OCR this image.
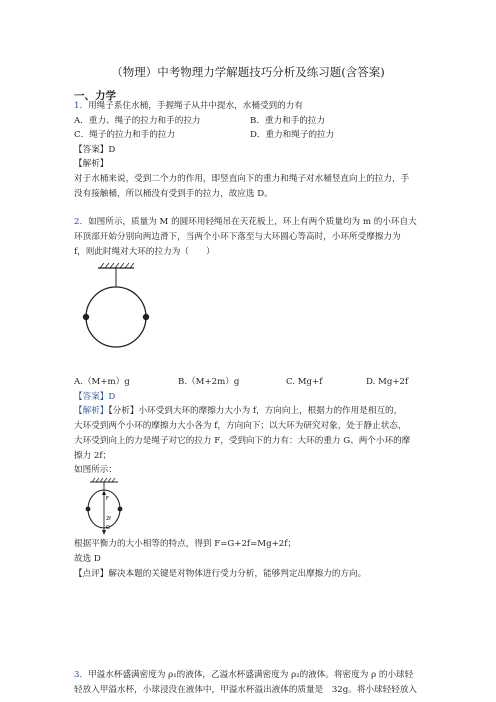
（物理）中考物理力学解题技巧分析及练习题(含答案)
一、力学
1．用绳子系住水桶，手握绳子从井中提水，水桶受到的力有
A．重力、绳子的拉力和手的拉力	B．重力和手的拉力
C．绳子的拉力和手的拉力	D．重力和绳子的拉力
【答案】D
【解析】
对于水桶来说，受到二个力的作用，即竖直向下的重力和绳子对水桶竖直向上的拉力，手
没有接触桶，所以桶没有受到手的拉力，故应选 D。
2．如图所示，质量为 M 的圆环用轻绳吊在天花板上，环上有两个质量均为 m 的小环自大
环顶部开始分别向两边滑下，当两个小环下落至与大环圆心等高时，小环所受摩擦力为
f，则此时绳对大环的拉力为（　　）
A.（M+m）g	B.（M+2m）g	C. Mg+f	D. Mg+2f
【答案】D
【解析】【分析】小环受到大环的摩擦力大小为 f，方向向上，根据力的作用是相互的，
大环受到两个小环的摩擦力大小各为 f，方向向下；以大环为研究对象，处于静止状态，
大环受到向上的力是绳子对它的拉力 F，受到向下的力有：大环的重力 G、两个小环的摩
擦力 2f；
如图所示：
F
2f
G
根据平衡力的大小相等的特点，得到 F=G+2f=Mg+2f；
故选 D
【点评】解决本题的关键是对物体进行受力分析，能够判定出摩擦力的方向。
3．甲溢水杯盛满密度为 ρ₁的液体，乙溢水杯盛满密度为 ρ₂的液体。将密度为 ρ 的小球轻
轻放入甲溢水杯，小球浸没在液体中，甲溢水杯溢出液体的质量是　32g。将小球轻轻放入
